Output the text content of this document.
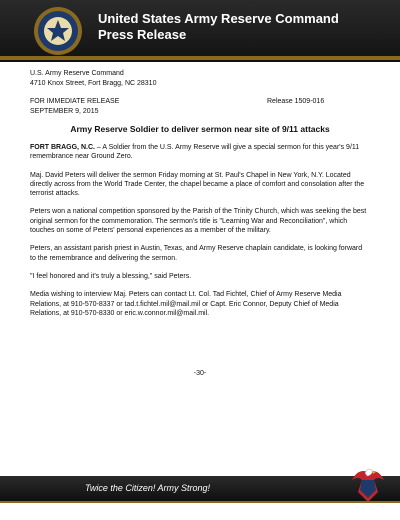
United States Army Reserve Command
Press Release
U.S. Army Reserve Command
4710 Knox Street, Fort Bragg, NC 28310
FOR IMMEDIATE RELEASE	Release 1509-016
SEPTEMBER 9, 2015
Army Reserve Soldier to deliver sermon near site of 9/11 attacks

FORT BRAGG, N.C. – A Soldier from the U.S. Army Reserve will give a special sermon for this year's 9/11 remembrance near Ground Zero.

Maj. David Peters will deliver the sermon Friday morning at St. Paul's Chapel in New York, N.Y. Located directly across from the World Trade Center, the chapel became a place of comfort and consolation after the terrorist attacks.

Peters won a national competition sponsored by the Parish of the Trinity Church, which was seeking the best original sermon for the commemoration. The sermon's title is "Learning War and Reconciliation", which touches on some of Peters' personal experiences as a member of the military.

Peters, an assistant parish priest in Austin, Texas, and Army Reserve chaplain candidate, is looking forward to the remembrance and delivering the sermon.

"I feel honored and it's truly a blessing," said Peters.

Media wishing to interview Maj. Peters can contact Lt. Col. Tad Fichtel, Chief of Army Reserve Media Relations, at 910-570-8337 or tad.t.fichtel.mil@mail.mil or Capt. Eric Connor, Deputy Chief of Media Relations, at 910-570-8330 or eric.w.connor.mil@mail.mil.

-30-
Twice the Citizen! Army Strong!
